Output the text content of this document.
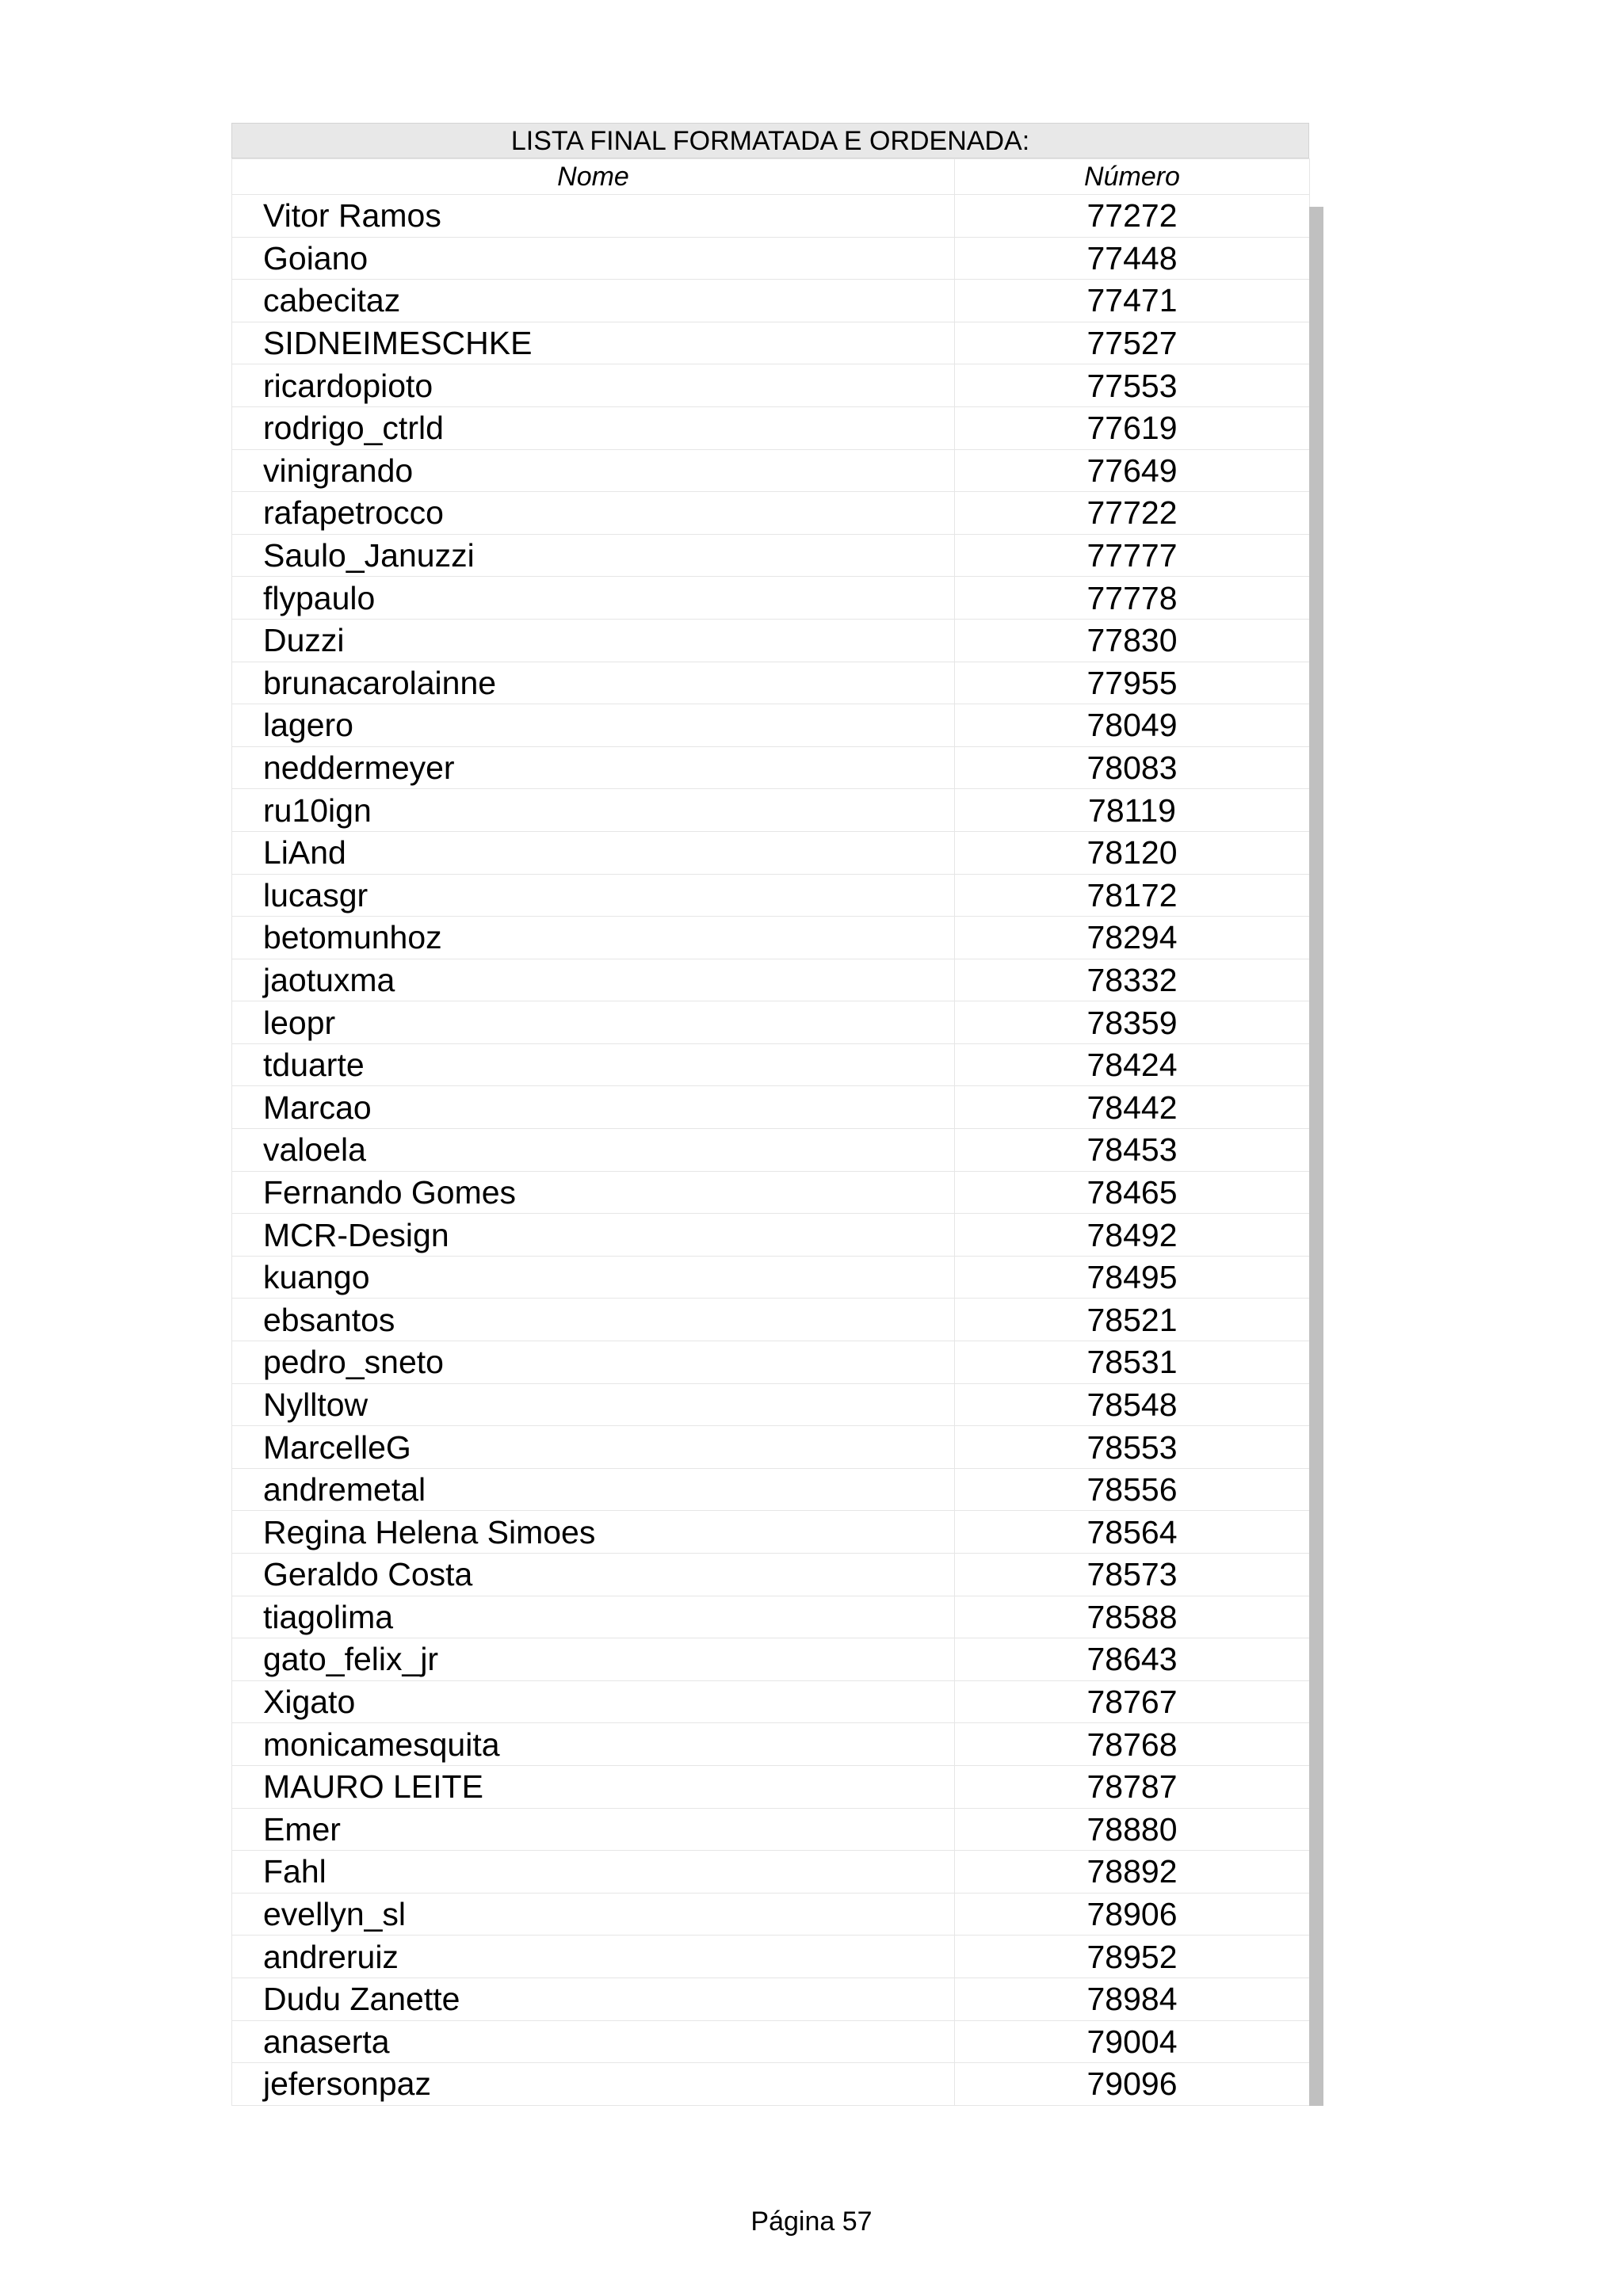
LISTA FINAL FORMATADA E ORDENADA:
Nome	Número
Vitor Ramos	77272
Goiano	77448
cabecitaz	77471
SIDNEIMESCHKE	77527
ricardopioto	77553
rodrigo_ctrld	77619
vinigrando	77649
rafapetrocco	77722
Saulo_Januzzi	77777
flypaulo	77778
Duzzi	77830
brunacarolainne	77955
lagero	78049
neddermeyer	78083
ru10ign	78119
LiAnd	78120
lucasgr	78172
betomunhoz	78294
jaotuxma	78332
leopr	78359
tduarte	78424
Marcao	78442
valoela	78453
Fernando Gomes	78465
MCR-Design	78492
kuango	78495
ebsantos	78521
pedro_sneto	78531
Nylltow	78548
MarcelleG	78553
andremetal	78556
Regina Helena Simoes	78564
Geraldo Costa	78573
tiagolima	78588
gato_felix_jr	78643
Xigato	78767
monicamesquita	78768
MAURO LEITE	78787
Emer	78880
Fahl	78892
evellyn_sl	78906
andreruiz	78952
Dudu Zanette	78984
anaserta	79004
jefersonpaz	79096
Página 57
